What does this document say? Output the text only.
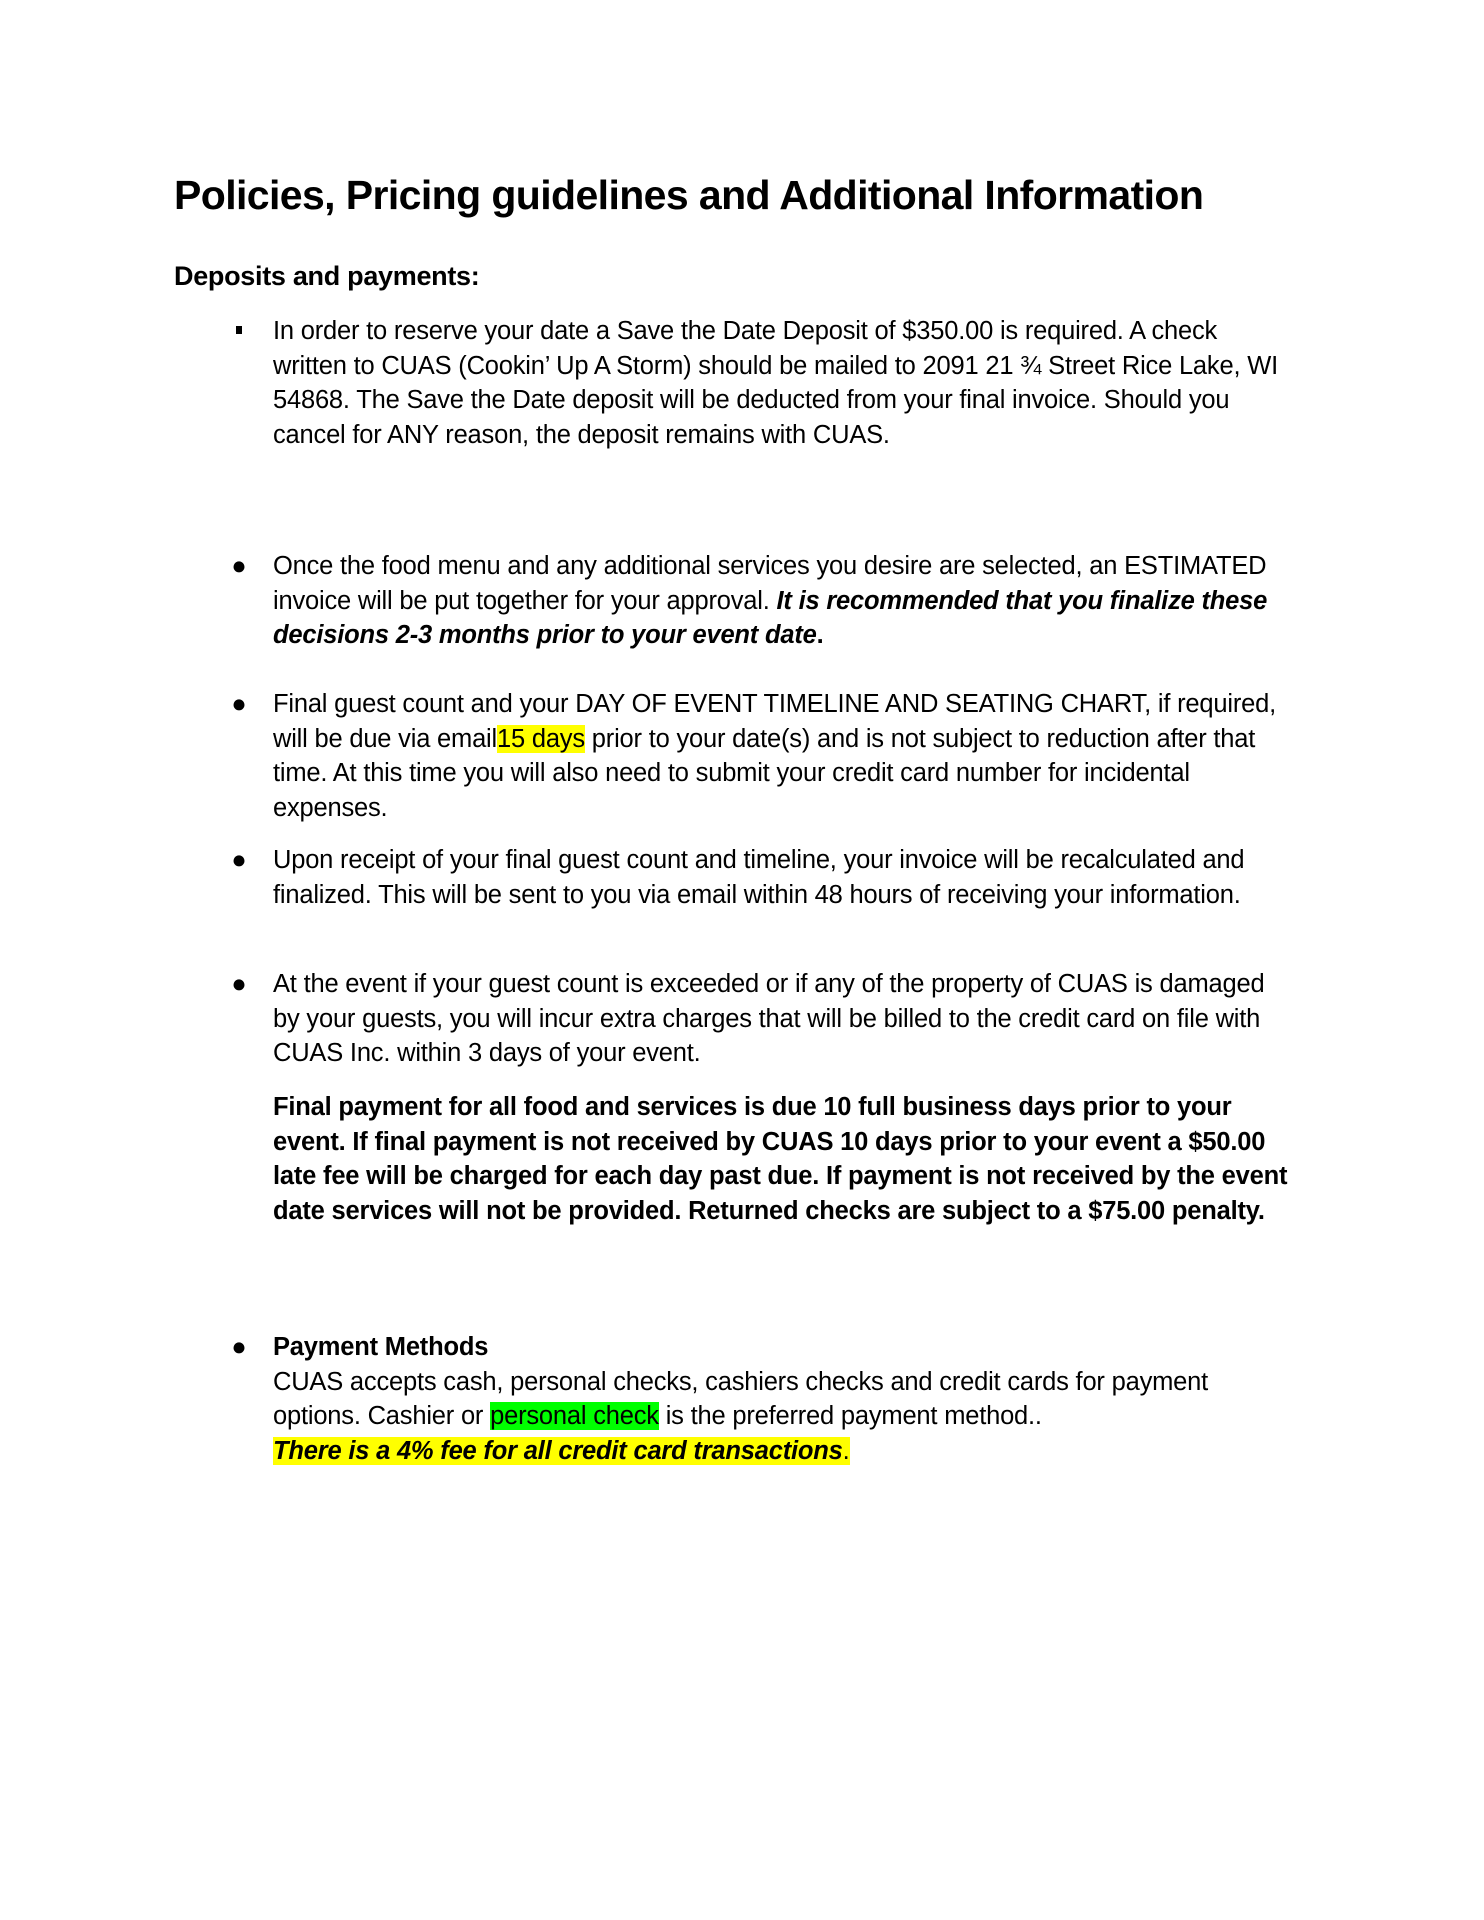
Policies, Pricing guidelines and Additional Information
Deposits and payments:
In order to reserve your date a Save the Date Deposit of $350.00 is required. A check written to CUAS (Cookin’ Up A Storm) should be mailed to 2091 21 ¾ Street Rice Lake, WI 54868. The Save the Date deposit will be deducted from your final invoice. Should you cancel for ANY reason, the deposit remains with CUAS.
● Once the food menu and any additional services you desire are selected, an ESTIMATED invoice will be put together for your approval. It is recommended that you finalize these decisions 2-3 months prior to your event date.
● Final guest count and your DAY OF EVENT TIMELINE AND SEATING CHART, if required, will be due via email15 days prior to your date(s) and is not subject to reduction after that time. At this time you will also need to submit your credit card number for incidental expenses.
● Upon receipt of your final guest count and timeline, your invoice will be recalculated and finalized. This will be sent to you via email within 48 hours of receiving your information.
● At the event if your guest count is exceeded or if any of the property of CUAS is damaged by your guests, you will incur extra charges that will be billed to the credit card on file with CUAS Inc. within 3 days of your event.
Final payment for all food and services is due 10 full business days prior to your event. If final payment is not received by CUAS 10 days prior to your event a $50.00 late fee will be charged for each day past due. If payment is not received by the event date services will not be provided. Returned checks are subject to a $75.00 penalty.
● Payment Methods
CUAS accepts cash, personal checks, cashiers checks and credit cards for payment options. Cashier or personal check is the preferred payment method..
There is a 4% fee for all credit card transactions.
